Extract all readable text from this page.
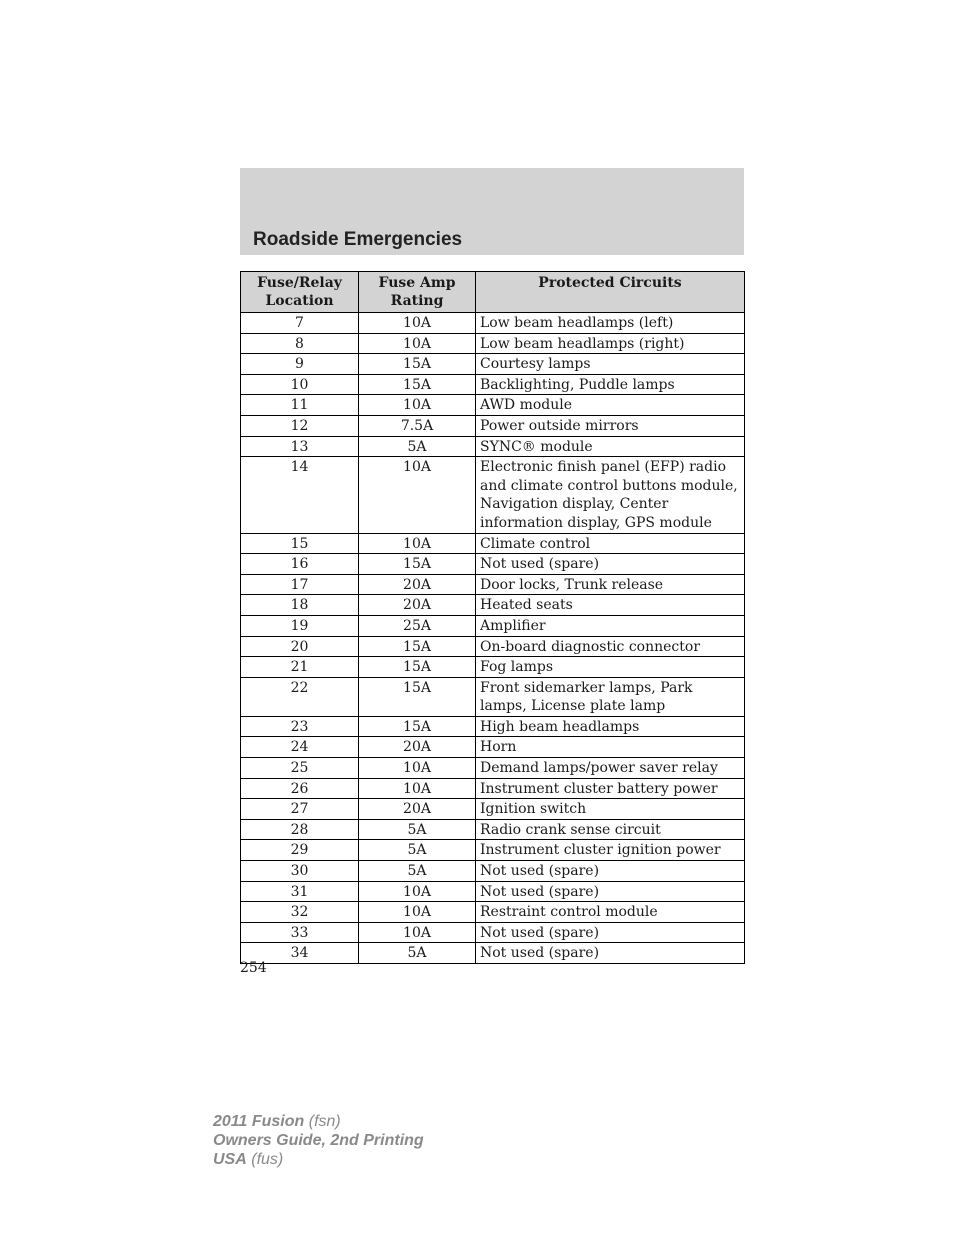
Roadside Emergencies
Fuse/Relay Location	Fuse Amp Rating	Protected Circuits
7	10A	Low beam headlamps (left)
8	10A	Low beam headlamps (right)
9	15A	Courtesy lamps
10	15A	Backlighting, Puddle lamps
11	10A	AWD module
12	7.5A	Power outside mirrors
13	5A	SYNC® module
14	10A	Electronic finish panel (EFP) radio and climate control buttons module, Navigation display, Center information display, GPS module
15	10A	Climate control
16	15A	Not used (spare)
17	20A	Door locks, Trunk release
18	20A	Heated seats
19	25A	Amplifier
20	15A	On-board diagnostic connector
21	15A	Fog lamps
22	15A	Front sidemarker lamps, Park lamps, License plate lamp
23	15A	High beam headlamps
24	20A	Horn
25	10A	Demand lamps/power saver relay
26	10A	Instrument cluster battery power
27	20A	Ignition switch
28	5A	Radio crank sense circuit
29	5A	Instrument cluster ignition power
30	5A	Not used (spare)
31	10A	Not used (spare)
32	10A	Restraint control module
33	10A	Not used (spare)
34	5A	Not used (spare)
254
2011 Fusion (fsn)
Owners Guide, 2nd Printing
USA (fus)
